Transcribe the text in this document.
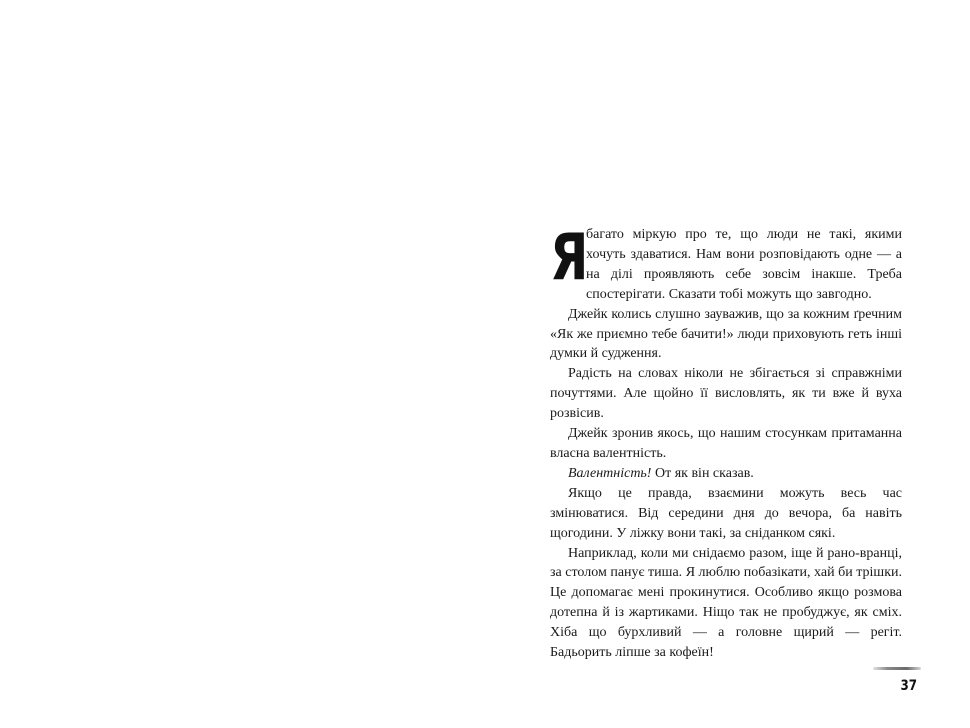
Я багато міркую про те, що люди не такі, якими хочуть здаватися. Нам вони розповідають одне — а на ділі проявляють себе зовсім інакше. Треба спостерігати. Сказати тобі можуть що завгодно.

Джейк колись слушно зауважив, що за кожним ґречним «Як же приємно тебе бачити!» люди приховують геть інші думки й судження.

Радість на словах ніколи не збігається зі справжніми почуттями. Але щойно її висловлять, як ти вже й вуха розвісив.

Джейк зронив якось, що нашим стосункам притаманна власна валентність.

Валентність! От як він сказав.

Якщо це правда, взаємини можуть весь час змінюватися. Від середини дня до вечора, ба навіть щогодини. У ліжку вони такі, за сніданком сякі.

Наприклад, коли ми снідаємо разом, іще й рано-вранці, за столом панує тиша. Я люблю побазікати, хай би трішки. Це допомагає мені прокинутися. Особливо якщо розмова дотепна й із жартиками. Ніщо так не пробуджує, як сміх. Хіба що бурхливий — а головне щирий — регіт. Бадьорить ліпше за кофеїн!

37
